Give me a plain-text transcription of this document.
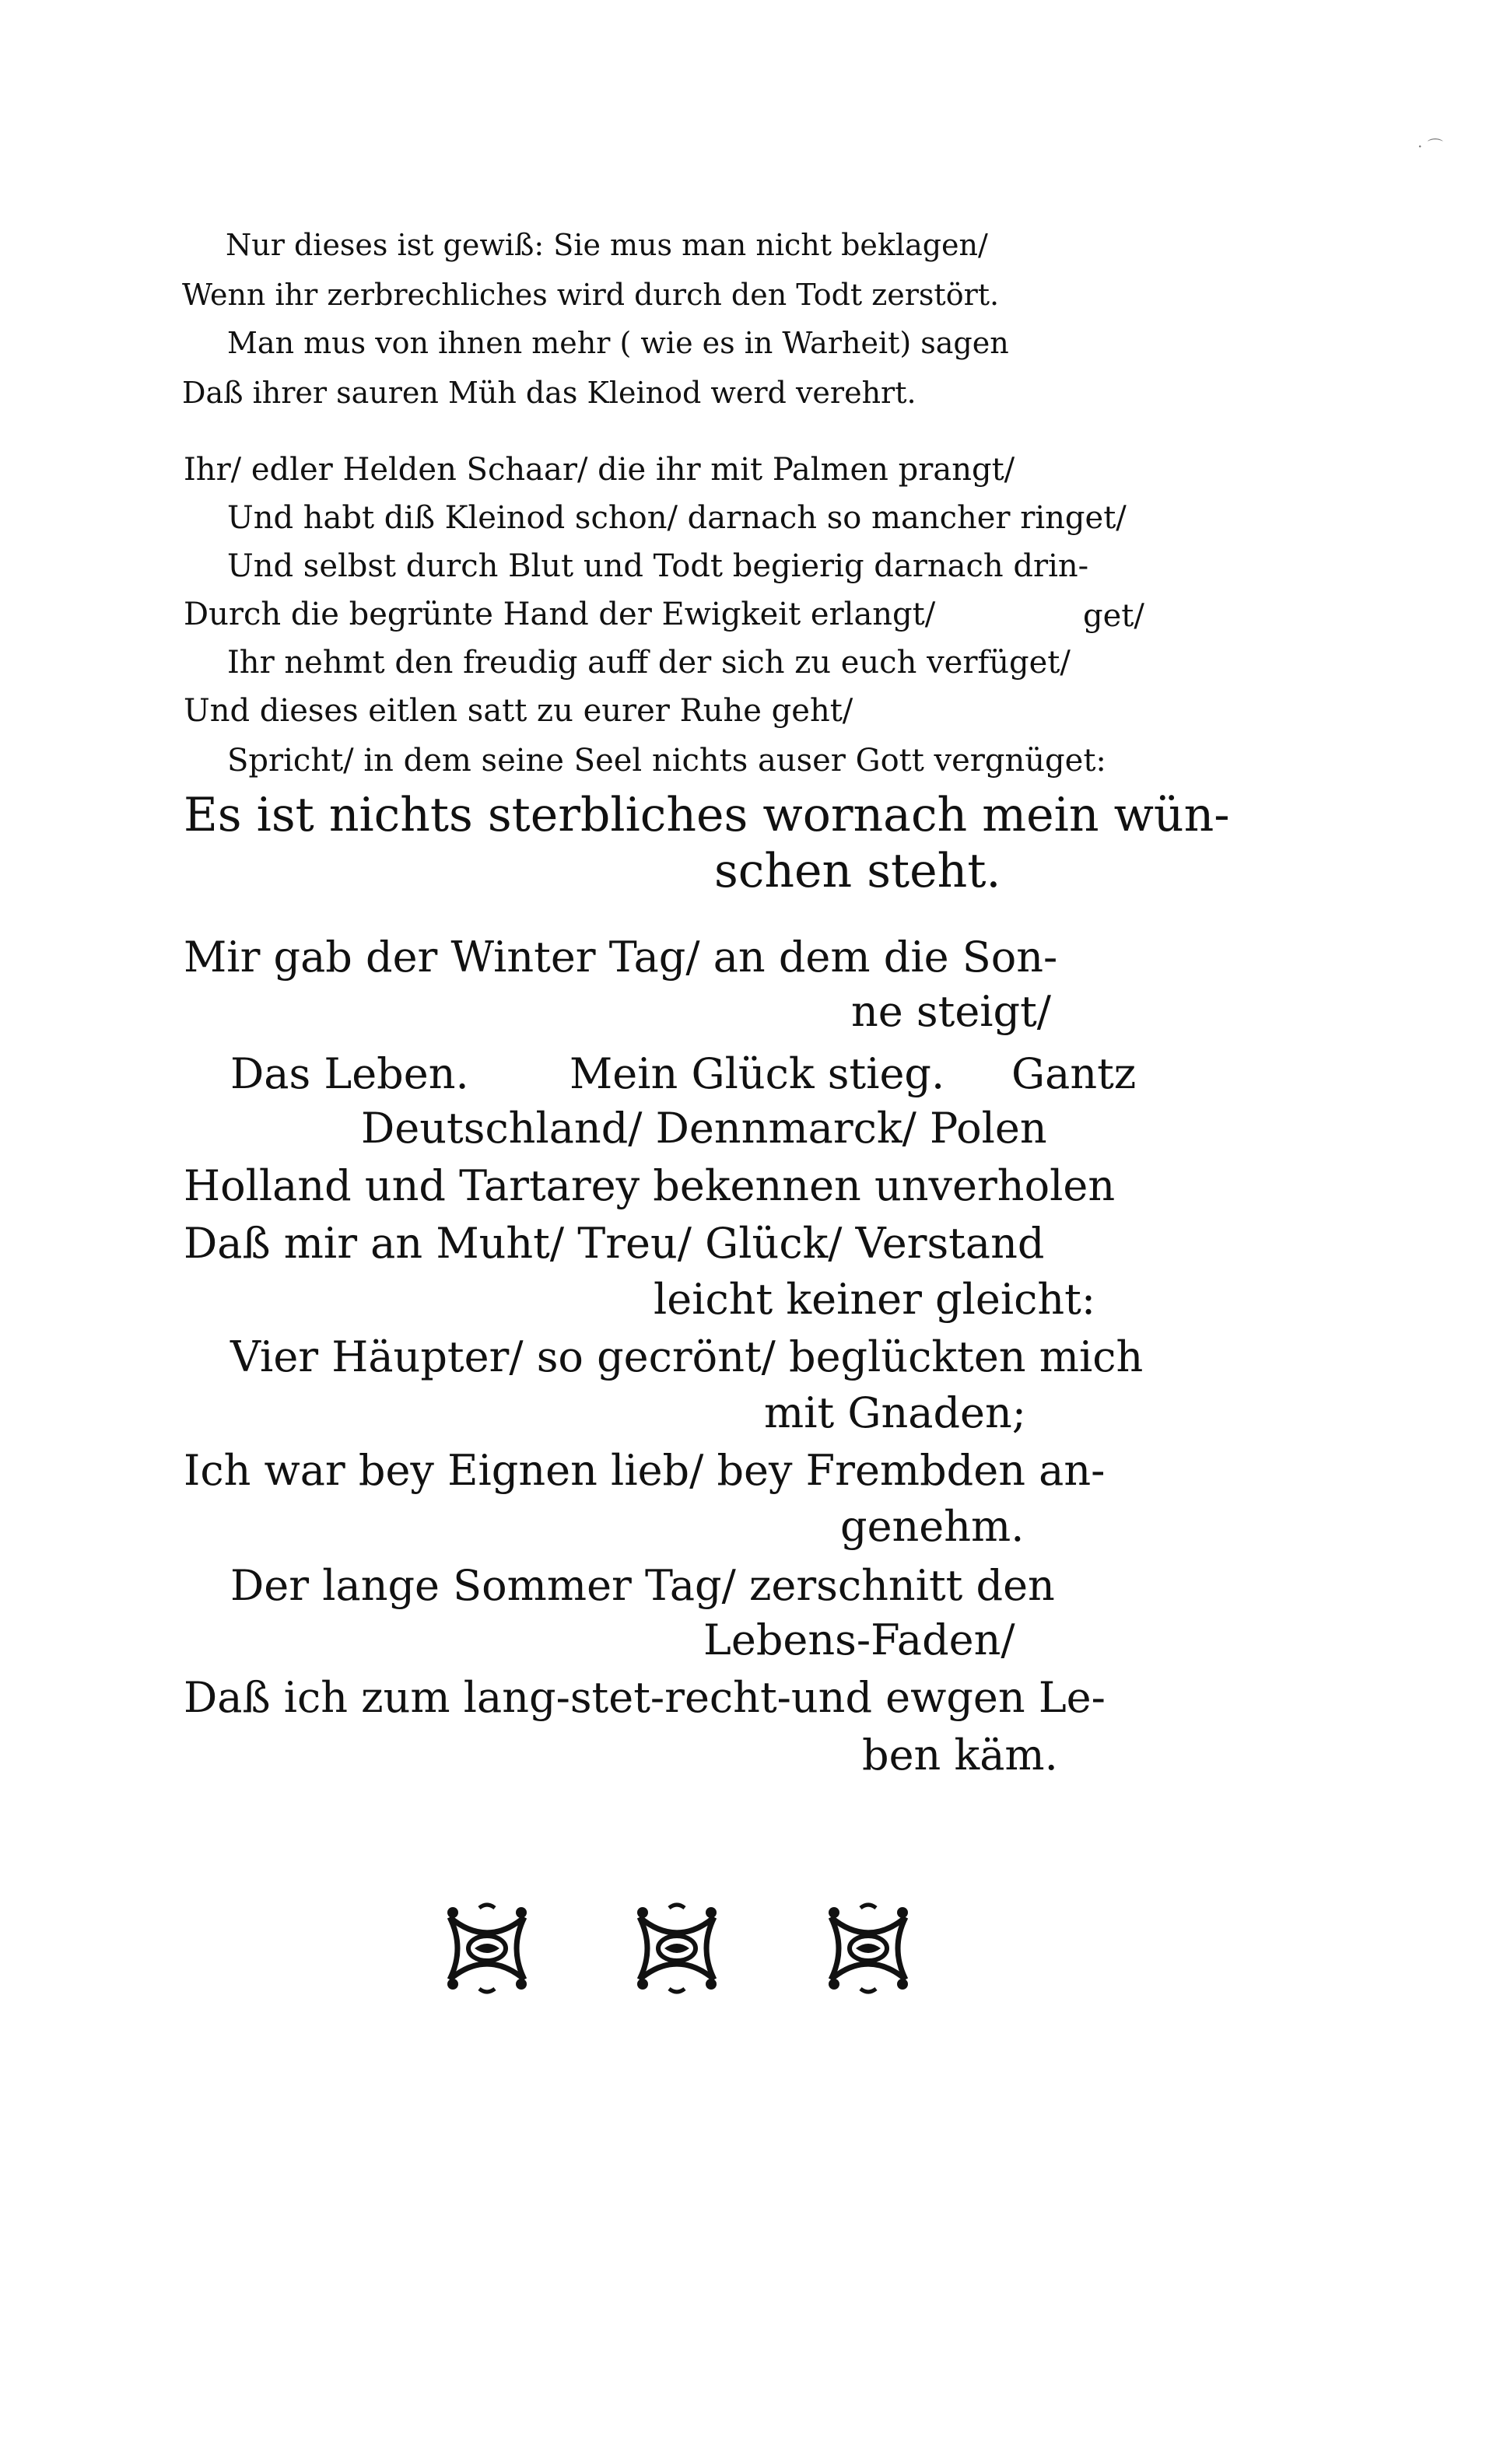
· ⌒
Nur dieses ist gewiß: Sie mus man nicht beklagen/
Wenn ihr zerbrechliches wird durch den Todt zerstört.
Man mus von ihnen mehr ( wie es in Warheit) sagen
Daß ihrer sauren Müh das Kleinod werd verehrt.
Ihr/ edler Helden Schaar/ die ihr mit Palmen prangt/
Und habt diß Kleinod schon/ darnach so mancher ringet/
Und selbst durch Blut und Todt begierig darnach drin-
Durch die begrünte Hand der Ewigkeit erlangt/	get/
Ihr nehmt den freudig auff der sich zu euch verfüget/
Und dieses eitlen satt zu eurer Ruhe geht/
Spricht/ in dem seine Seel nichts auser Gott vergnüget:
Es ist nichts sterbliches wornach mein wün-
schen steht.
Mir gab der Winter Tag/ an dem die Son-
ne steigt/
Das Leben. Mein Glück stieg. Gantz
Deutschland/ Dennmarck/ Polen
Holland und Tartarey bekennen unverholen
Daß mir an Muht/ Treu/ Glück/ Verstand
leicht keiner gleicht:
Vier Häupter/ so gecrönt/ beglückten mich
mit Gnaden;
Ich war bey Eignen lieb/ bey Frembden an-
genehm.
Der lange Sommer Tag/ zerschnitt den
Lebens-Faden/
Daß ich zum lang-stet-recht-und ewgen Le-
ben käm.
